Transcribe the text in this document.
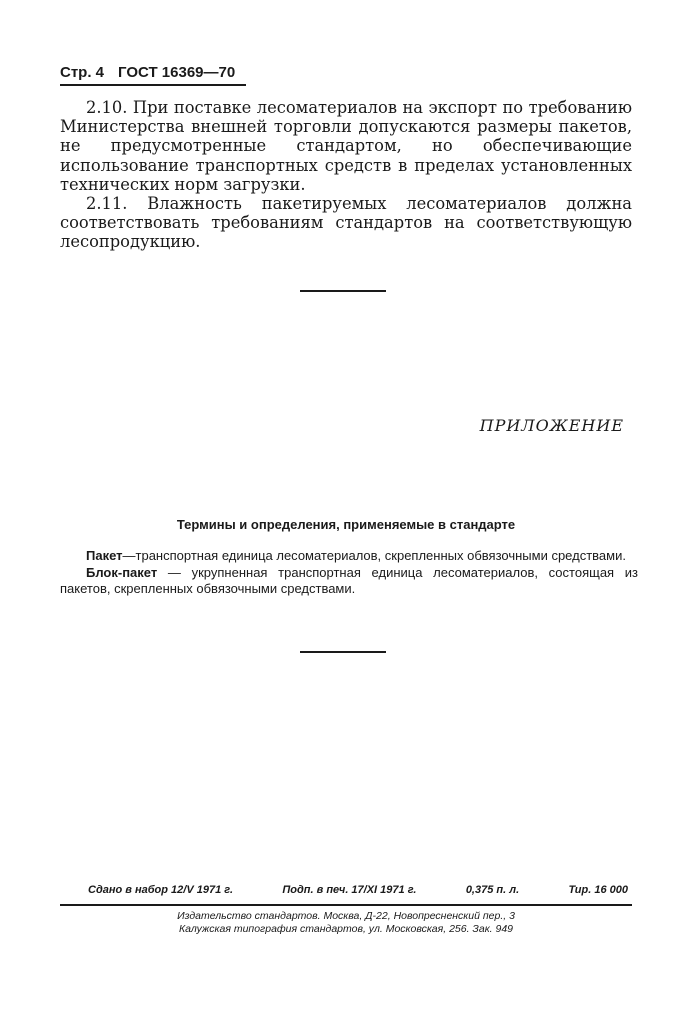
Стр. 4 ГОСТ 16369—70

2.10. При поставке лесоматериалов на экспорт по требованию Министерства внешней торговли допускаются размеры пакетов, не предусмотренные стандартом, но обеспечивающие использование транспортных средств в пределах установленных технических норм загрузки.

2.11. Влажность пакетируемых лесоматериалов должна соответствовать требованиям стандартов на соответствующую лесопродукцию.

ПРИЛОЖЕНИЕ
Термины и определения, применяемые в стандарте

Пакет—транспортная единица лесоматериалов, скрепленных обвязочными средствами.

Блок-пакет — укрупненная транспортная единица лесоматериалов, состоящая из пакетов, скрепленных обвязочными средствами.

Сдано в набор 12/V 1971 г.	Подп. в печ. 17/XI 1971 г.	0,375 п. л.	Тир. 16 000
Издательство стандартов. Москва, Д-22, Новопресненский пер., 3
Калужская типография стандартов, ул. Московская, 256. Зак. 949
